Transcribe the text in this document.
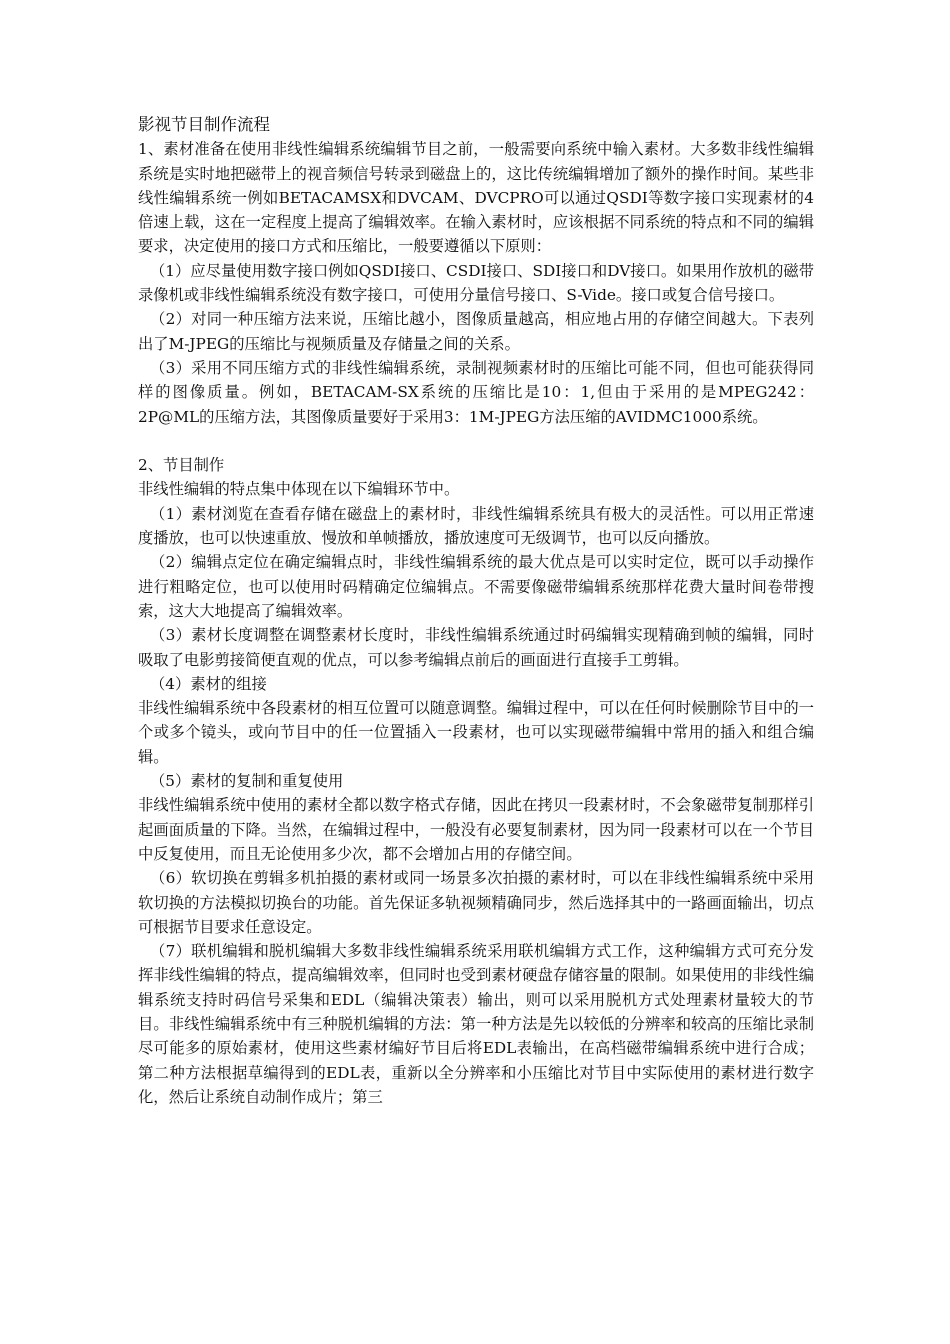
影视节目制作流程

1、素材准备在使用非线性编辑系统编辑节目之前，一般需要向系统中输入素材。大多数非线性编辑系统是实时地把磁带上的视音频信号转录到磁盘上的，这比传统编辑增加了额外的操作时间。某些非线性编辑系统一例如BETACAMSX和DVCAM、DVCPRO可以通过QSDI等数字接口实现素材的4倍速上载，这在一定程度上提高了编辑效率。在输入素材时，应该根据不同系统的特点和不同的编辑要求，决定使用的接口方式和压缩比，一般要遵循以下原则：

（1）应尽量使用数字接口例如QSDI接口、CSDI接口、SDI接口和DV接口。如果用作放机的磁带录像机或非线性编辑系统没有数字接口，可使用分量信号接口、S-Vide。接口或复合信号接口。

（2）对同一种压缩方法来说，压缩比越小，图像质量越高，相应地占用的存储空间越大。下表列出了M-JPEG的压缩比与视频质量及存储量之间的关系。

（3）采用不同压缩方式的非线性编辑系统，录制视频素材时的压缩比可能不同，但也可能获得同样的图像质量。例如，BETACAM-SX系统的压缩比是10：1,但由于采用的是MPEG242：2P@ML的压缩方法，其图像质量要好于采用3：1M-JPEG方法压缩的AVIDMC1000系统。

2、节目制作

非线性编辑的特点集中体现在以下编辑环节中。

（1）素材浏览在查看存储在磁盘上的素材时，非线性编辑系统具有极大的灵活性。可以用正常速度播放，也可以快速重放、慢放和单帧播放，播放速度可无级调节，也可以反向播放。

（2）编辑点定位在确定编辑点时，非线性编辑系统的最大优点是可以实时定位，既可以手动操作进行粗略定位，也可以使用时码精确定位编辑点。不需要像磁带编辑系统那样花费大量时间卷带搜索，这大大地提高了编辑效率。

（3）素材长度调整在调整素材长度时，非线性编辑系统通过时码编辑实现精确到帧的编辑，同时吸取了电影剪接简便直观的优点，可以参考编辑点前后的画面进行直接手工剪辑。

（4）素材的组接

非线性编辑系统中各段素材的相互位置可以随意调整。编辑过程中，可以在任何时候删除节目中的一个或多个镜头，或向节目中的任一位置插入一段素材，也可以实现磁带编辑中常用的插入和组合编辑。

（5）素材的复制和重复使用

非线性编辑系统中使用的素材全都以数字格式存储，因此在拷贝一段素材时，不会象磁带复制那样引起画面质量的下降。当然，在编辑过程中，一般没有必要复制素材，因为同一段素材可以在一个节目中反复使用，而且无论使用多少次，都不会增加占用的存储空间。

（6）软切换在剪辑多机拍摄的素材或同一场景多次拍摄的素材时，可以在非线性编辑系统中采用软切换的方法模拟切换台的功能。首先保证多轨视频精确同步，然后选择其中的一路画面输出，切点可根据节目要求任意设定。

（7）联机编辑和脱机编辑大多数非线性编辑系统采用联机编辑方式工作，这种编辑方式可充分发挥非线性编辑的特点，提高编辑效率，但同时也受到素材硬盘存储容量的限制。如果使用的非线性编辑系统支持时码信号采集和EDL（编辑决策表）输出，则可以采用脱机方式处理素材量较大的节目。非线性编辑系统中有三种脱机编辑的方法：第一种方法是先以较低的分辨率和较高的压缩比录制尽可能多的原始素材，使用这些素材编好节目后将EDL表输出，在高档磁带编辑系统中进行合成；第二种方法根据草编得到的EDL表，重新以全分辨率和小压缩比对节目中实际使用的素材进行数字化，然后让系统自动制作成片；第三
